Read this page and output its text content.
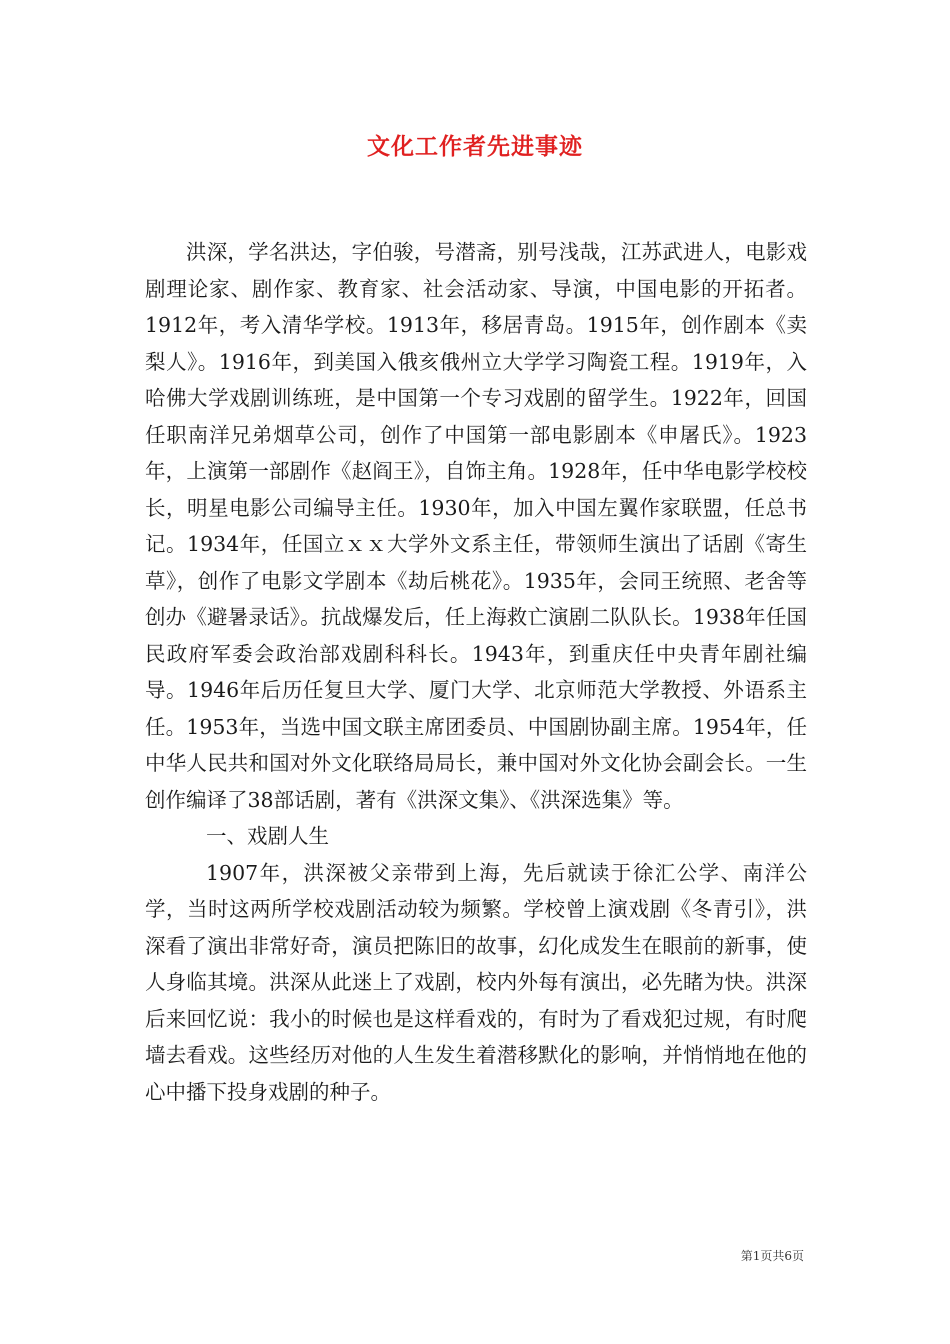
文化工作者先进事迹

洪深，学名洪达，字伯骏，号潜斋，别号浅哉，江苏武进人，电影戏剧理论家、剧作家、教育家、社会活动家、导演，中国电影的开拓者。1912年，考入清华学校。1913年，移居青岛。1915年，创作剧本《卖梨人》。1916年，到美国入俄亥俄州立大学学习陶瓷工程。1919年，入哈佛大学戏剧训练班，是中国第一个专习戏剧的留学生。1922年，回国任职南洋兄弟烟草公司，创作了中国第一部电影剧本《申屠氏》。1923年，上演第一部剧作《赵阎王》，自饰主角。1928年，任中华电影学校校长，明星电影公司编导主任。1930年，加入中国左翼作家联盟，任总书记。1934年，任国立ｘｘ大学外文系主任，带领师生演出了话剧《寄生草》，创作了电影文学剧本《劫后桃花》。1935年，会同王统照、老舍等创办《避暑录话》。抗战爆发后，任上海救亡演剧二队队长。1938年任国民政府军委会政治部戏剧科科长。1943年，到重庆任中央青年剧社编导。1946年后历任复旦大学、厦门大学、北京师范大学教授、外语系主任。1953年，当选中国文联主席团委员、中国剧协副主席。1954年，任中华人民共和国对外文化联络局局长，兼中国对外文化协会副会长。一生创作编译了38部话剧，著有《洪深文集》、《洪深选集》等。

一、戏剧人生

1907年，洪深被父亲带到上海，先后就读于徐汇公学、南洋公学，当时这两所学校戏剧活动较为频繁。学校曾上演戏剧《冬青引》，洪深看了演出非常好奇，演员把陈旧的故事，幻化成发生在眼前的新事，使人身临其境。洪深从此迷上了戏剧，校内外每有演出，必先睹为快。洪深后来回忆说：我小的时候也是这样看戏的，有时为了看戏犯过规，有时爬墙去看戏。这些经历对他的人生发生着潜移默化的影响，并悄悄地在他的心中播下投身戏剧的种子。

第1页共6页
